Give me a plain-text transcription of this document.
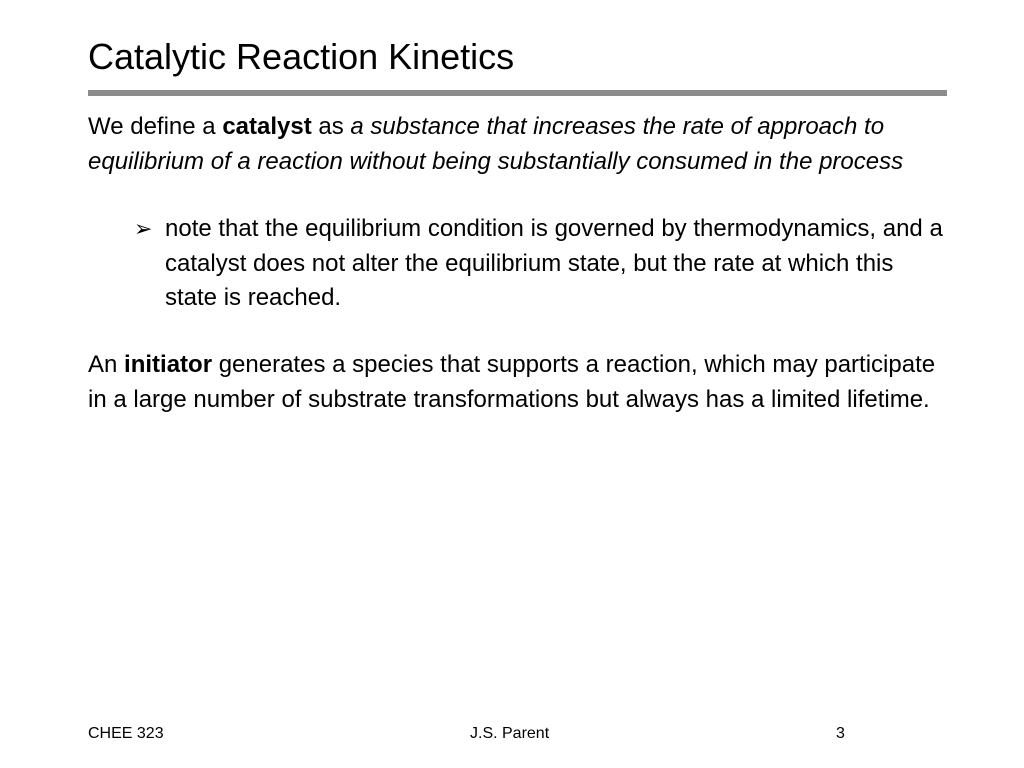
Catalytic Reaction Kinetics

We define a catalyst as a substance that increases the rate of approach to equilibrium of a reaction without being substantially consumed in the process

➢ note that the equilibrium condition is governed by thermodynamics, and a catalyst does not alter the equilibrium state, but the rate at which this state is reached.

An initiator generates a species that supports a reaction, which may participate in a large number of substrate transformations but always has a limited lifetime.

CHEE 323	J.S. Parent	3
